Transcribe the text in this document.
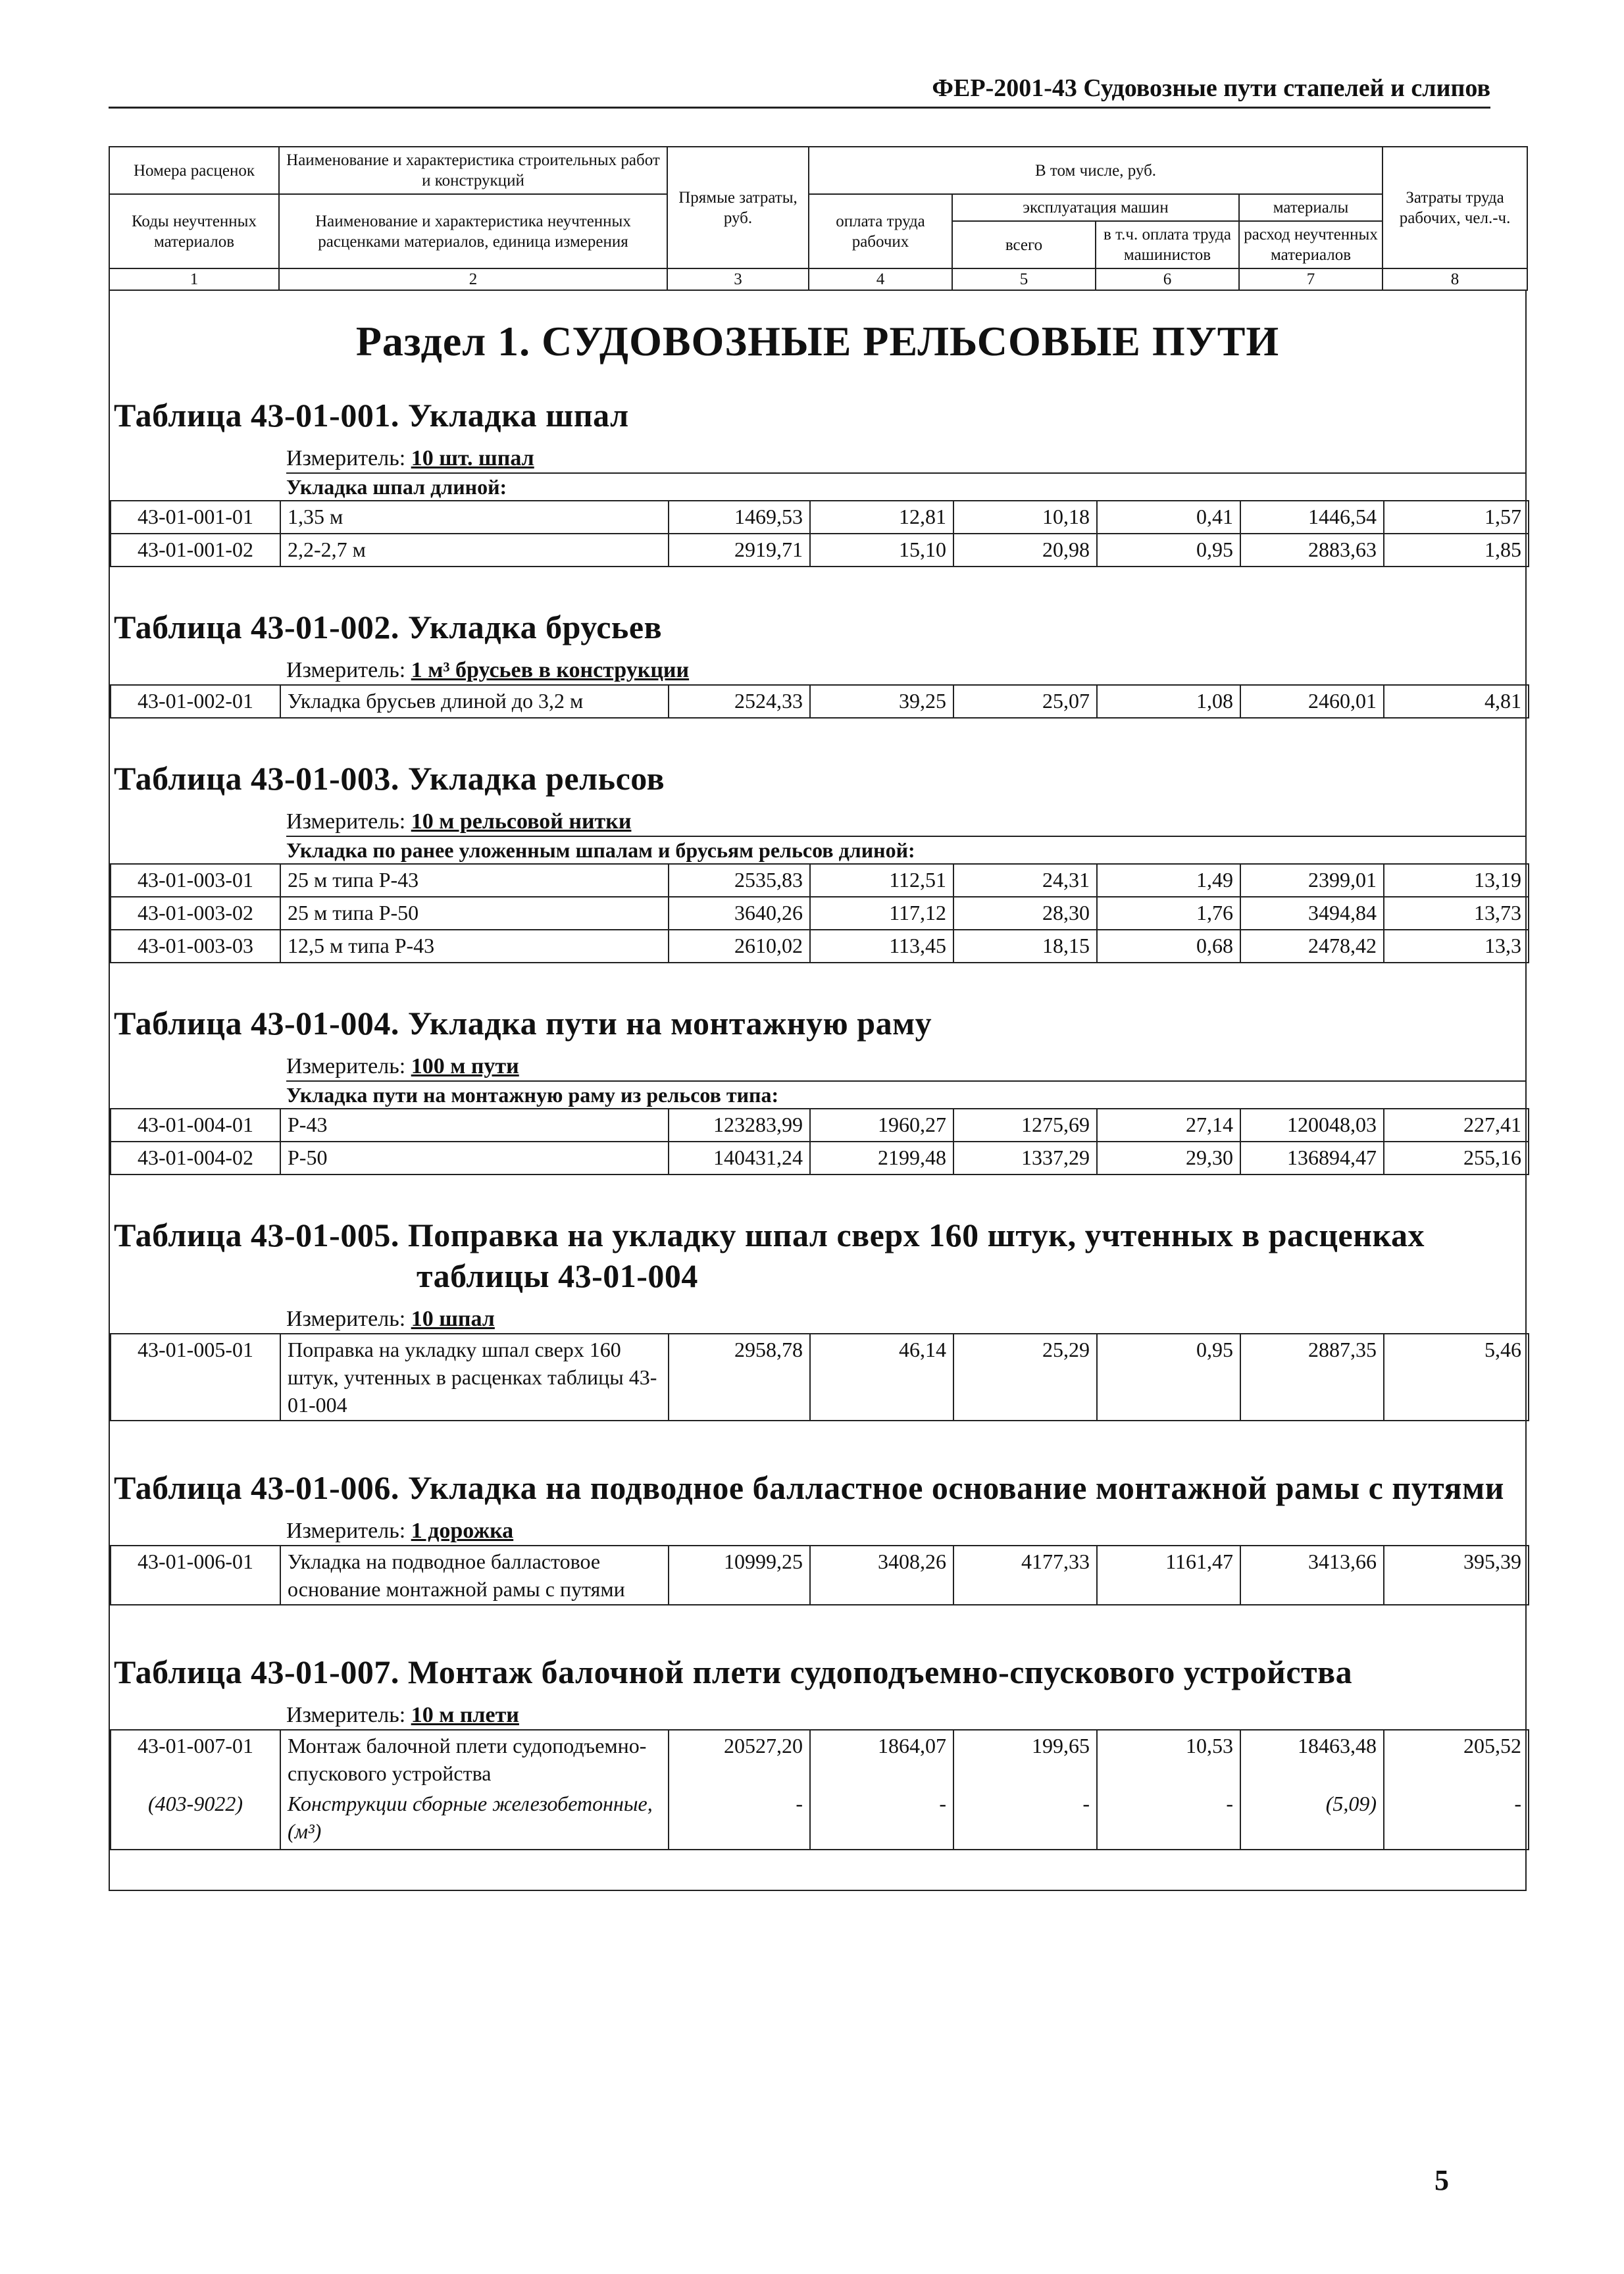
ФЕР-2001-43 Судовозные пути стапелей и слипов
Номера расценок	Наименование и характеристика строительных работ и конструкций	Прямые затраты, руб.	В том числе, руб.				Затраты труда рабочих, чел.-ч.
Коды неучтенных материалов	Наименование и характеристика неучтенных расценками материалов, единица измерения		оплата труда рабочих	эксплуатация машин		материалы	
				всего	в т.ч. оплата труда машинистов	расход неучтенных материалов	
1	2	3	4	5	6	7	8
Раздел 1. СУДОВОЗНЫЕ РЕЛЬСОВЫЕ ПУТИ
Таблица 43-01-001. Укладка шпал
Измеритель: 10 шт. шпал
Укладка шпал длиной:
43-01-001-01	1,35 м	1469,53	12,81	10,18	0,41	1446,54	1,57
43-01-001-02	2,2-2,7 м	2919,71	15,10	20,98	0,95	2883,63	1,85
Таблица 43-01-002. Укладка брусьев
Измеритель: 1 м³ брусьев в конструкции
43-01-002-01	Укладка брусьев длиной до 3,2 м	2524,33	39,25	25,07	1,08	2460,01	4,81
Таблица 43-01-003. Укладка рельсов
Измеритель: 10 м рельсовой нитки
Укладка по ранее уложенным шпалам и брусьям рельсов длиной:
43-01-003-01	25 м типа Р-43	2535,83	112,51	24,31	1,49	2399,01	13,19
43-01-003-02	25 м типа Р-50	3640,26	117,12	28,30	1,76	3494,84	13,73
43-01-003-03	12,5 м типа Р-43	2610,02	113,45	18,15	0,68	2478,42	13,3
Таблица 43-01-004. Укладка пути на монтажную раму
Измеритель: 100 м пути
Укладка пути на монтажную раму из рельсов типа:
43-01-004-01	Р-43	123283,99	1960,27	1275,69	27,14	120048,03	227,41
43-01-004-02	Р-50	140431,24	2199,48	1337,29	29,30	136894,47	255,16
Таблица 43-01-005. Поправка на укладку шпал сверх 160 штук, учтенных в расценках
таблицы 43-01-004
Измеритель: 10 шпал
43-01-005-01	Поправка на укладку шпал сверх 160 штук, учтенных в расценках таблицы 43-01-004	2958,78	46,14	25,29	0,95	2887,35	5,46
Таблица 43-01-006. Укладка на подводное балластное основание монтажной рамы с путями
Измеритель: 1 дорожка
43-01-006-01	Укладка на подводное балластовое основание монтажной рамы с путями	10999,25	3408,26	4177,33	1161,47	3413,66	395,39
Таблица 43-01-007. Монтаж балочной плети судоподъемно-спускового устройства
Измеритель: 10 м плети
43-01-007-01	Монтаж балочной плети судоподъемно-спускового устройства	20527,20	1864,07	199,65	10,53	18463,48	205,52
(403-9022)	Конструкции сборные железобетонные, (м³)	-	-	-	-	(5,09)	-
5
